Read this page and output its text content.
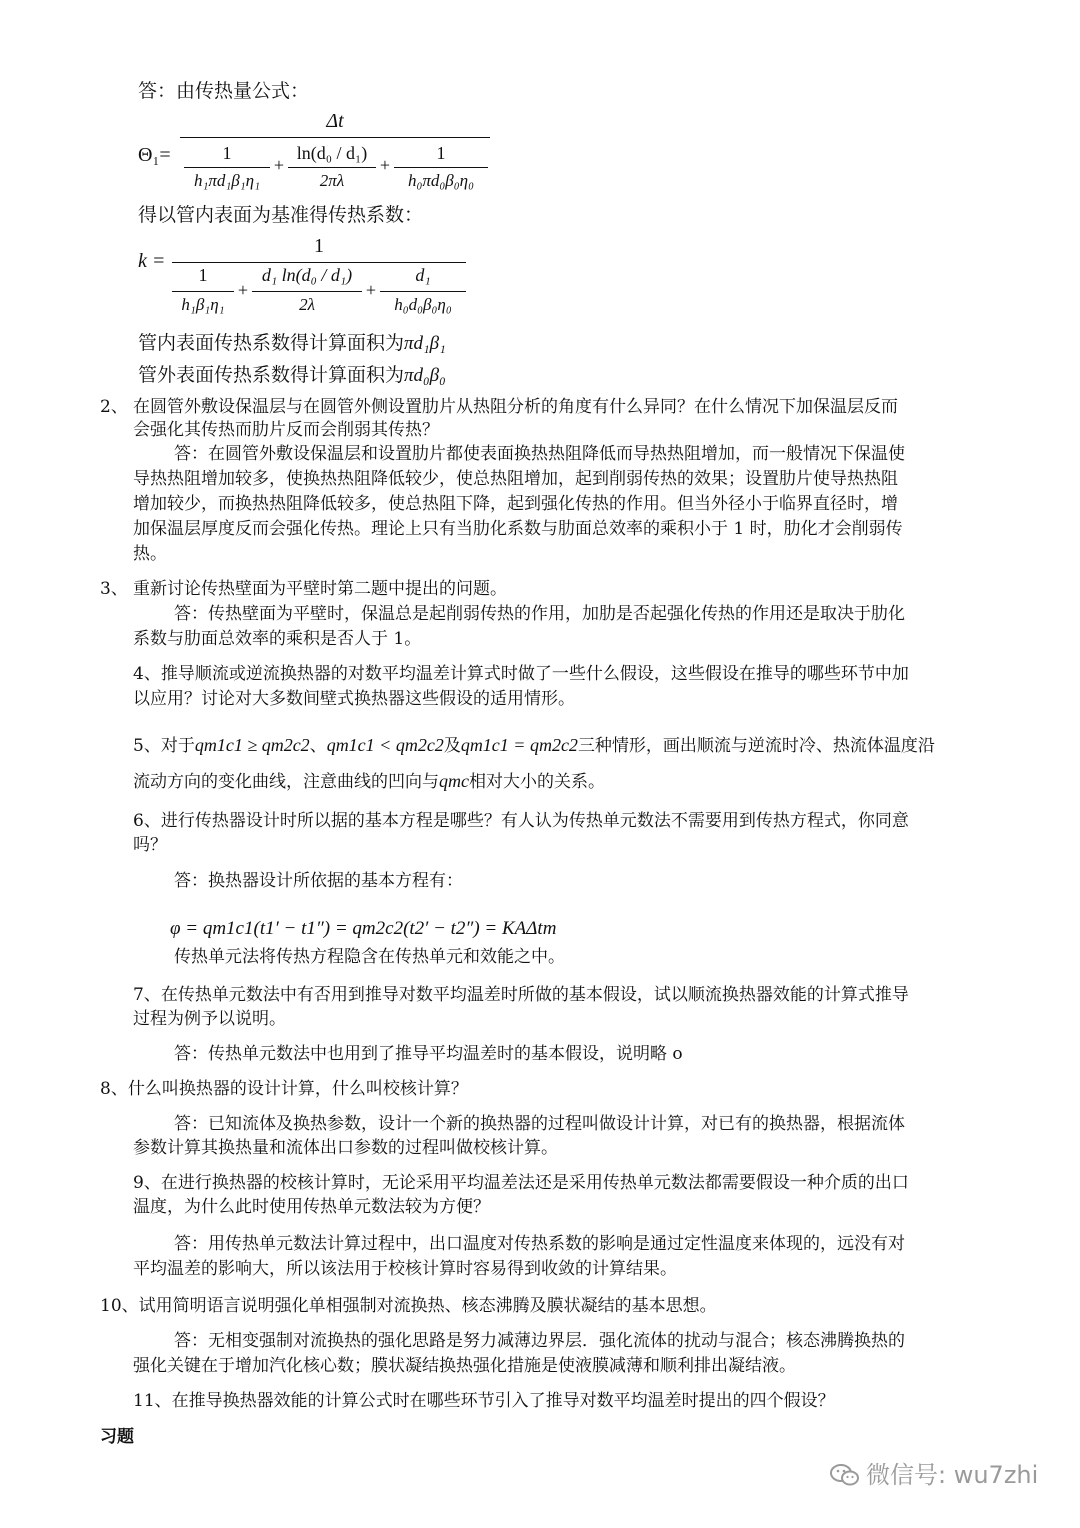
答：由传热量公式：
Θ₁=
Δt
1
h₁πd₁β₁η₁
+
ln(d₀ / d₁)
2πλ
+
1
h₀πd₀β₀η₀
得以管内表面为基准得传热系数：
k =
1
1
h₁β₁η₁
+
d₁ ln(d₀ / d₁)
2λ
+
d₁
h₀d₀β₀η₀
管内表面传热系数得计算面积为πd₁β₁
管外表面传热系数得计算面积为πd₀β₀
2、 在圆管外敷设保温层与在圆管外侧设置肋片从热阻分析的角度有什么异同？在什么情况下加保温层反而
会强化其传热而肋片反而会削弱其传热？
答：在圆管外敷设保温层和设置肋片都使表面换热热阻降低而导热热阻增加，而一般情况下保温使
导热热阻增加较多，使换热热阻降低较少，使总热阻增加，起到削弱传热的效果；设置肋片使导热热阻
增加较少，而换热热阻降低较多，使总热阻下降，起到强化传热的作用。但当外径小于临界直径时，增
加保温层厚度反而会强化传热。理论上只有当肋化系数与肋面总效率的乘积小于 1 时，肋化才会削弱传
热。
3、 重新讨论传热壁面为平壁时第二题中提出的问题。
答：传热壁面为平壁时，保温总是起削弱传热的作用，加肋是否起强化传热的作用还是取决于肋化
系数与肋面总效率的乘积是否人于 1。
4、推导顺流或逆流换热器的对数平均温差计算式时做了一些什么假设，这些假设在推导的哪些环节中加
以应用？讨论对大多数间壁式换热器这些假设的适用情形。
5、对于qm1c1 ≥ qm2c2、qm1c1 < qm2c2及qm1c1 = qm2c2三种情形，画出顺流与逆流时冷、热流体温度沿
流动方向的变化曲线，注意曲线的凹向与qmc相对大小的关系。
6、进行传热器设计时所以据的基本方程是哪些？有人认为传热单元数法不需要用到传热方程式，你同意
吗？
答：换热器设计所依据的基本方程有：
φ = qm1c1(t1′ − t1″) = qm2c2(t2′ − t2″) = KAΔtm
传热单元法将传热方程隐含在传热单元和效能之中。
7、在传热单元数法中有否用到推导对数平均温差时所做的基本假设，试以顺流换热器效能的计算式推导
过程为例予以说明。
答：传热单元数法中也用到了推导平均温差时的基本假设，说明略 o
8、什么叫换热器的设计计算，什么叫校核计算？
答：已知流体及换热参数，设计一个新的换热器的过程叫做设计计算，对已有的换热器，根据流体
参数计算其换热量和流体出口参数的过程叫做校核计算。
9、在进行换热器的校核计算时，无论采用平均温差法还是采用传热单元数法都需要假设一种介质的出口
温度，为什么此时使用传热单元数法较为方便？
答：用传热单元数法计算过程中，出口温度对传热系数的影响是通过定性温度来体现的，远没有对
平均温差的影响大，所以该法用于校核计算时容易得到收敛的计算结果。
10、试用简明语言说明强化单相强制对流换热、核态沸腾及膜状凝结的基本思想。
答：无相变强制对流换热的强化思路是努力减薄边界层．强化流体的扰动与混合；核态沸腾换热的
强化关键在于增加汽化核心数；膜状凝结换热强化措施是使液膜减薄和顺利排出凝结液。
11、在推导换热器效能的计算公式时在哪些环节引入了推导对数平均温差时提出的四个假设？
习题
微信号: wu7zhi
